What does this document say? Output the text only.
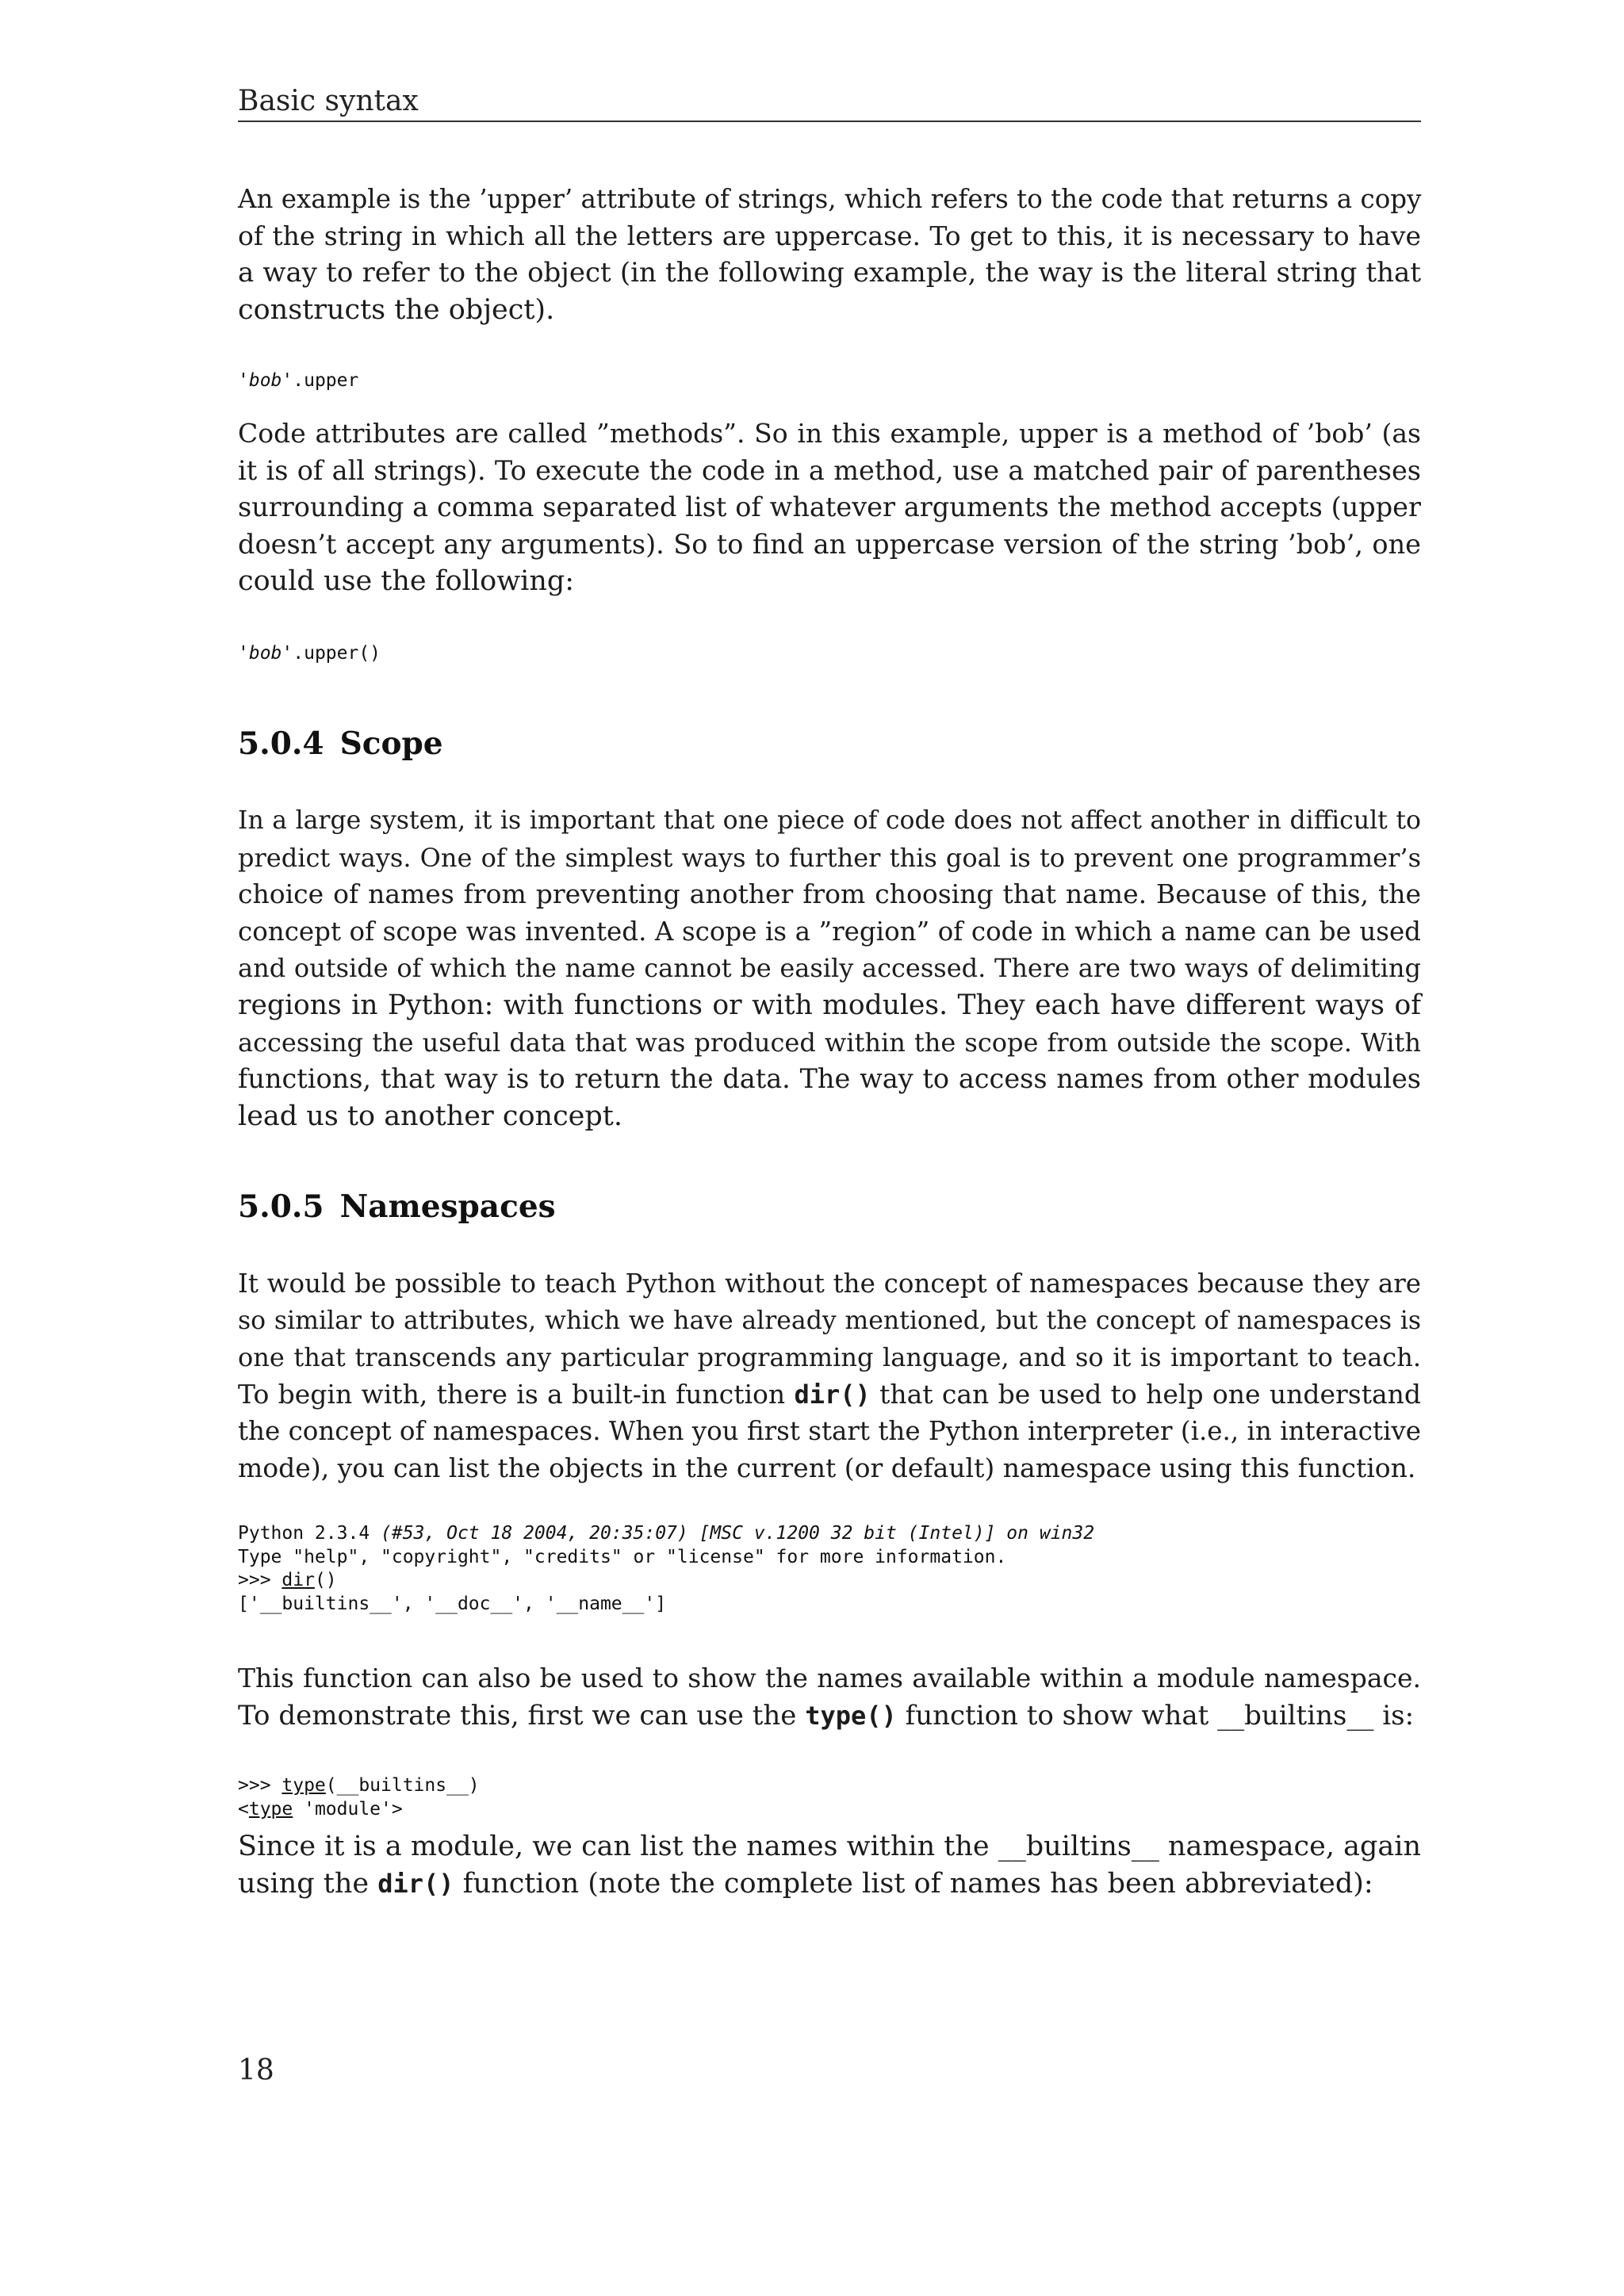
Basic syntax
An example is the ’upper’ attribute of strings, which refers to the code that returns a copy
of the string in which all the letters are uppercase. To get to this, it is necessary to have
a way to refer to the object (in the following example, the way is the literal string that
constructs the object).
'bob'.upper
Code attributes are called ”methods”. So in this example, upper is a method of ’bob’ (as
it is of all strings). To execute the code in a method, use a matched pair of parentheses
surrounding a comma separated list of whatever arguments the method accepts (upper
doesn’t accept any arguments). So to find an uppercase version of the string ’bob’, one
could use the following:
'bob'.upper()
5.0.4 Scope
In a large system, it is important that one piece of code does not affect another in difficult to
predict ways. One of the simplest ways to further this goal is to prevent one programmer’s
choice of names from preventing another from choosing that name. Because of this, the
concept of scope was invented. A scope is a ”region” of code in which a name can be used
and outside of which the name cannot be easily accessed. There are two ways of delimiting
regions in Python: with functions or with modules. They each have different ways of
accessing the useful data that was produced within the scope from outside the scope. With
functions, that way is to return the data. The way to access names from other modules
lead us to another concept.
5.0.5 Namespaces
It would be possible to teach Python without the concept of namespaces because they are
so similar to attributes, which we have already mentioned, but the concept of namespaces is
one that transcends any particular programming language, and so it is important to teach.
To begin with, there is a built-in function dir() that can be used to help one understand
the concept of namespaces. When you first start the Python interpreter (i.e., in interactive
mode), you can list the objects in the current (or default) namespace using this function.
Python 2.3.4 (#53, Oct 18 2004, 20:35:07) [MSC v.1200 32 bit (Intel)] on win32
Type "help", "copyright", "credits" or "license" for more information.
>>> dir()
['__builtins__', '__doc__', '__name__']
This function can also be used to show the names available within a module namespace.
To demonstrate this, first we can use the type() function to show what __builtins__ is:
>>> type(__builtins__)
<type 'module'>
Since it is a module, we can list the names within the __builtins__ namespace, again
using the dir() function (note the complete list of names has been abbreviated):
18
